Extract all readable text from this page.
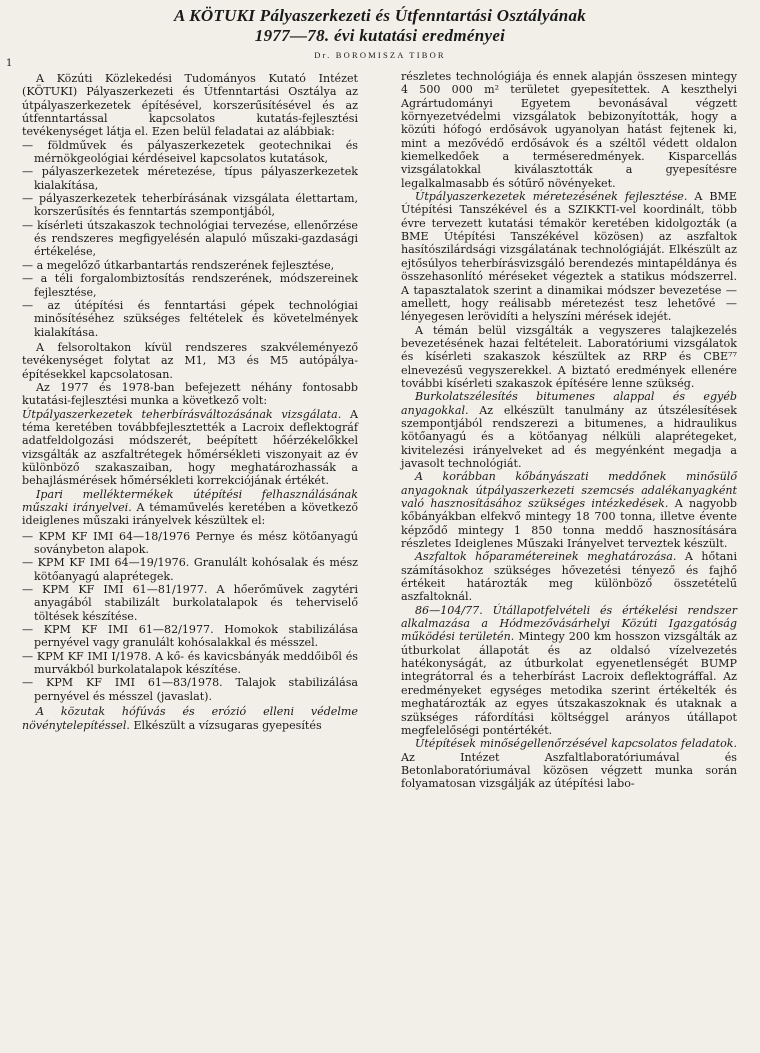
A KÖTUKI Pályaszerkezeti és Útfenntartási Osztályának

1977—78. évi kutatási eredményei

Dr. BOROMISZA TIBOR
1

A Közúti Közlekedési Tudományos Kutató Intézet (KÖTUKI) Pályaszerkezeti és Útfenntartási Osztálya az útpályaszerkezetek építésével, korszerűsítésével és az útfenntartással kapcsolatos kutatás-fejlesztési tevékenységet látja el. Ezen belül feladatai az alábbiak:

— földművek és pályaszerkezetek geotechnikai és mérnökgeológiai kérdéseivel kapcsolatos kutatások,

— pályaszerkezetek méretezése, típus pályaszerkezetek kialakítása,

— pályaszerkezetek teherbírásának vizsgálata élettartam, korszerűsítés és fenntartás szempontjából,

— kísérleti útszakaszok technológiai tervezése, ellenőrzése és rendszeres megfigyelésén alapuló műszaki-gazdasági értékelése,

— a megelőző útkarbantartás rendszerének fejlesztése,

— a téli forgalombiztosítás rendszerének, módszereinek fejlesztése,

— az útépítési és fenntartási gépek technológiai minősítéséhez szükséges feltételek és követelmények kialakítása.

A felsoroltakon kívül rendszeres szakvéleményező tevékenységet folytat az M1, M3 és M5 autópálya-építésekkel kapcsolatosan.

Az 1977 és 1978-ban befejezett néhány fontosabb kutatási-fejlesztési munka a következő volt:

Útpályaszerkezetek teherbírásváltozásának vizsgálata. A téma keretében továbbfejlesztették a Lacroix deflektográf adatfeldolgozási módszerét, beépített hőérzékelőkkel vizsgálták az aszfaltrétegek hőmérsékleti viszonyait az év különböző szakaszaiban, hogy meghatározhassák a behajlásmérések hőmérsékleti korrekciójának értékét.

Ipari melléktermékek útépítési felhasználásának műszaki irányelvei. A témaművelés keretében a következő ideiglenes műszaki irányelvek készültek el:

— KPM KF IMI 64—18/1976 Pernye és mész kötőanyagú soványbeton alapok.

— KPM KF IMI 64—19/1976. Granulált kohósalak és mész kötőanyagú alaprétegek.

— KPM KF IMI 61—81/1977. A hőerőművek zagytéri anyagából stabilizált burkolatalapok és teherviselő töltések készítése.

— KPM KF IMI 61—82/1977. Homokok stabilizálása pernyével vagy granulált kohósalakkal és mésszel.

— KPM KF IMI I/1978. A kő- és kavicsbányák meddőiből és murvákból burkolatalapok készítése.

— KPM KF IMI 61—83/1978. Talajok stabilizálása pernyével és mésszel (javaslat).

A közutak hófúvás és erózió elleni védelme növénytelepítéssel. Elkészült a vízsugaras gyepesítés

részletes technológiája és ennek alapján összesen mintegy 4 500 000 m² területet gyepesítettek. A keszthelyi Agrártudományi Egyetem bevonásával végzett környezetvédelmi vizsgálatok bebizonyították, hogy a közúti hófogó erdősávok ugyanolyan hatást fejtenek ki, mint a mezővédő erdősávok és a széltől védett oldalon kiemelkedőek a terméseredmények. Kisparcellás vizsgálatokkal kiválasztották a gyepesítésre legalkalmasabb és sótűrő növényeket.

Útpályaszerkezetek méretezésének fejlesztése. A BME Útépítési Tanszékével és a SZIKKTI-vel koordinált, több évre tervezett kutatási témakör keretében kidolgozták (a BME Útépítési Tanszékével közösen) az aszfaltok hasítószilárdsági vizsgálatának technológiáját. Elkészült az ejtősúlyos teherbírásvizsgáló berendezés mintapéldánya és összehasonlító méréseket végeztek a statikus módszerrel. A tapasztalatok szerint a dinamikai módszer bevezetése — amellett, hogy reálisabb méretezést tesz lehetővé — lényegesen lerövidíti a helyszíni mérések idejét.

A témán belül vizsgálták a vegyszeres talajkezelés bevezetésének hazai feltételeit. Laboratóriumi vizsgálatok és kísérleti szakaszok készültek az RRP és CBE⁷⁷ elnevezésű vegyszerekkel. A biztató eredmények ellenére további kísérleti szakaszok építésére lenne szükség.

Burkolatszélesítés bitumenes alappal és egyéb anyagokkal. Az elkészült tanulmány az útszélesítések szempontjából rendszerezi a bitumenes, a hidraulikus kötőanyagú és a kötőanyag nélküli alaprétegeket, kivitelezési irányelveket ad és megyénként megadja a javasolt technológiát.

A korábban kőbányászati meddőnek minősülő anyagoknak útpályaszerkezeti szemcsés adalékanyagként való hasznosításához szükséges intézkedések. A nagyobb kőbányákban elfekvő mintegy 18 700 tonna, illetve évente képződő mintegy 1 850 tonna meddő hasznosítására részletes Ideiglenes Műszaki Irányelvet terveztek készült.

Aszfaltok hőparamétereinek meghatározása. A hőtani számításokhoz szükséges hővezetési tényező és fajhő értékeit határozták meg különböző összetételű aszfaltoknál.

86—104/77. Útállapotfelvételi és értékelési rendszer alkalmazása a Hódmezővásárhelyi Közúti Igazgatóság működési területén. Mintegy 200 km hosszon vizsgálták az útburkolat állapotát és az oldalsó vízelvezetés hatékonyságát, az útburkolat egyenetlenségét BUMP integrátorral és a teherbírást Lacroix deflektográffal. Az eredményeket egységes metodika szerint értékelték és meghatározták az egyes útszakaszoknak és utaknak a szükséges ráfordítási költséggel arányos útállapot megfelelőségi pontértékét.

Útépítések minőségellenőrzésével kapcsolatos feladatok. Az Intézet Aszfaltlaboratóriumával és Betonlaboratóriumával közösen végzett munka során folyamatosan vizsgálják az útépítési labo-
